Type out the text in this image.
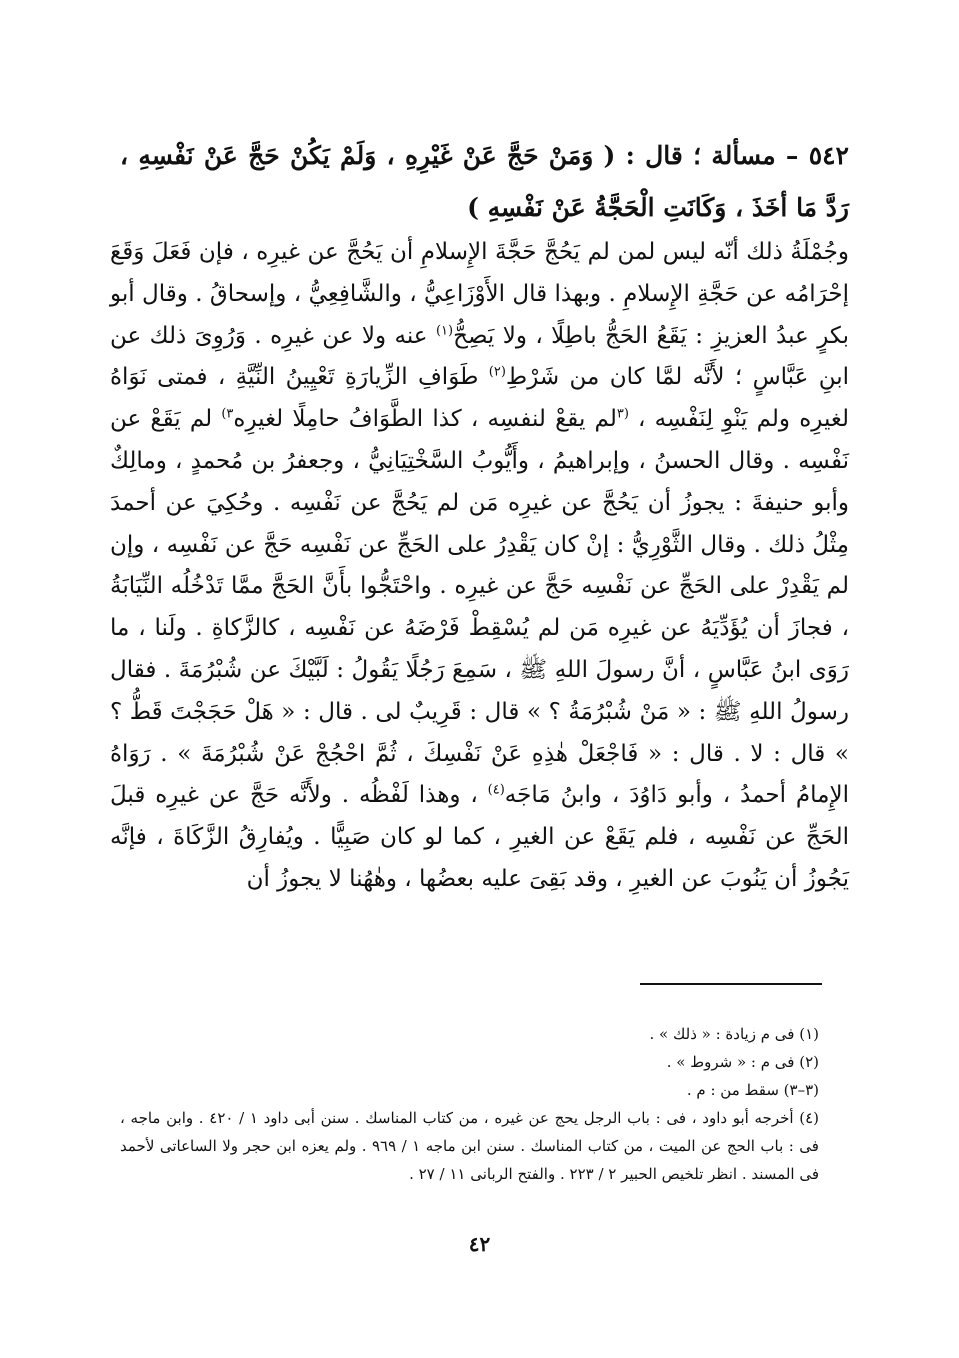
٥٤٢ – مسألة ؛ قال : ( وَمَنْ حَجَّ عَنْ غَيْرِهِ ، وَلَمْ يَكُنْ حَجَّ عَنْ نَفْسِهِ ، رَدَّ مَا أخَذَ ، وَكَانَتِ الْحَجَّةُ عَنْ نَفْسِهِ )
وجُمْلَةُ ذلك أنّه ليس لمن لم يَحُجَّ حَجَّةَ الإِسلامِ أن يَحُجَّ عن غيرِه ، فإن فَعَلَ وَقَعَ إحْرَامُه عن حَجَّةِ الإِسلامِ . وبهذا قال الأَوْزَاعِيُّ ، والشَّافِعِيُّ ، وإسحاقُ . وقال أبو بكرٍ عبدُ العزيزِ : يَقَعُ الحَجُّ باطِلًا ، ولا يَصِحُّ$^{(١)}$ عنه ولا عن غيرِه . وَرُوِىَ ذلك عن ابنِ عَبَّاسٍ ؛ لأَنَّه لمَّا كان من شَرْطِ$^{(٢)}$ طَوَافِ الزِّيارَةِ تَعْيِينُ النِّيَّةِ ، فمتى نَوَاهُ لغيرِه ولم يَنْوِ لِنَفْسِه ، $^{(٣}$لم يقعْ لنفسِه ، كذا الطَّوَافُ حامِلًا لغيرِه$^{٣)}$ لم يَقَعْ عن نَفْسِه . وقال الحسنُ ، وإبراهيمُ ، وأَيُّوبُ السَّخْتِيَانِيُّ ، وجعفرُ بن مُحمدٍ ، ومالِكٌ وأبو حنيفةَ : يجوزُ أن يَحُجَّ عن غيرِه مَن لم يَحُجَّ عن نَفْسِه . وحُكِيَ عن أحمدَ مِثْلُ ذلك . وقال الثَّوْرِيُّ : إنْ كان يَقْدِرُ على الحَجِّ عن نَفْسِه حَجَّ عن نَفْسِه ، وإن لم يَقْدِرْ على الحَجِّ عن نَفْسِه حَجَّ عن غيرِه . واحْتَجُّوا بأَنَّ الحَجَّ ممَّا تَدْخُلُه النِّيَابَةُ ، فجازَ أن يُؤَدِّيَهُ عن غيرِه مَن لم يُسْقِطْ فَرْضَهُ عن نَفْسِه ، كالزَّكاةِ . ولَنا ، ما رَوَى ابنُ عَبَّاسٍ ، أنَّ رسولَ اللهِ ﷺ ، سَمِعَ رَجُلًا يَقُولُ : لَبَّيْكَ عن شُبْرُمَةَ . فقال رسولُ اللهِ ﷺ : « مَنْ شُبْرُمَةُ ؟ » قال : قَرِيبٌ لى . قال : « هَلْ حَجَجْتَ قَطُّ ؟ » قال : لا . قال : « فَاجْعَلْ هٰذِهِ عَنْ نَفْسِكَ ، ثُمَّ احْجُجْ عَنْ شُبْرُمَةَ » . رَوَاهُ الإِمامُ أحمدُ ، وأبو دَاوُدَ ، وابنُ مَاجَه$^{(٤)}$ ، وهذا لَفْظُه . ولأَنَّه حَجَّ عن غيرِه قبلَ الحَجِّ عن نَفْسِه ، فلم يَقَعْ عن الغيرِ ، كما لو كان صَبِيًّا . ويُفارِقُ الزَّكَاةَ ، فإنَّه يَجُوزُ أن يَنُوبَ عن الغيرِ ، وقد بَقِىَ عليه بعضُها ، وهٰهُنا لا يجوزُ أن

(١) فى م زيادة : « ذلك » .

(٢) فى م : « شروط » .

(٣–٣) سقط من : م .

(٤) أخرجه أبو داود ، فى : باب الرجل يحج عن غيره ، من كتاب المناسك . سنن أبى داود ١ / ٤٢٠ . وابن ماجه ، فى : باب الحج عن الميت ، من كتاب المناسك . سنن ابن ماجه ١ / ٩٦٩ . ولم يعزه ابن حجر ولا الساعاتى لأحمد فى المسند . انظر تلخيص الحبير ٢ / ٢٢٣ . والفتح الربانى ١١ / ٢٧ .

٤٢
